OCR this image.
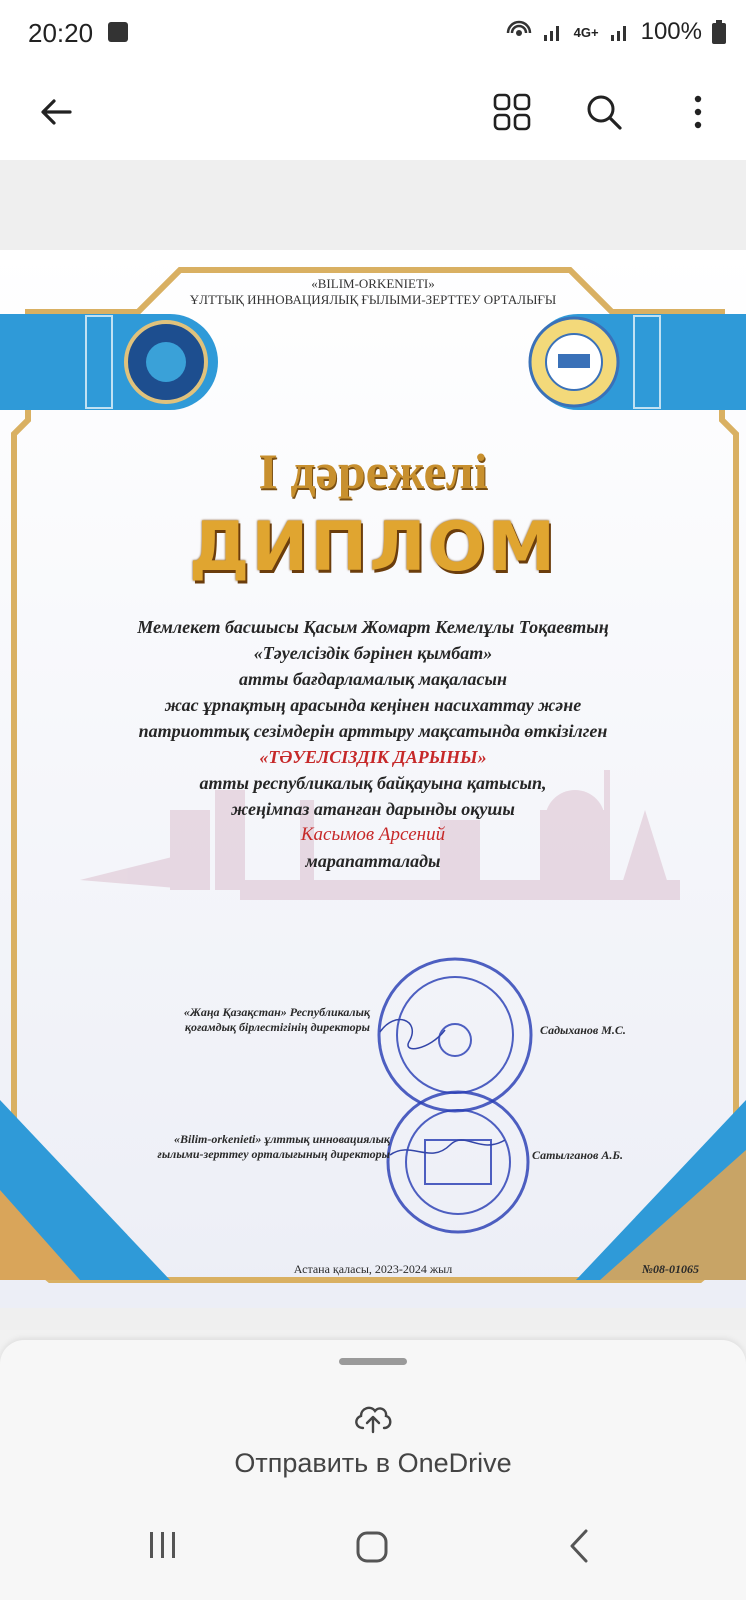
20:20	4G+ 100%
«BILIM-ORKENIETI»
ҰЛТТЫҚ ИННОВАЦИЯЛЫҚ ҒЫЛЫМИ-ЗЕРТТЕУ ОРТАЛЫҒЫ
I дәрежелі
ДИПЛОМ
Мемлекет басшысы Қасым Жомарт Кемелұлы Тоқаевтың
«Тәуелсіздік бәрінен қымбат»
атты бағдарламалық мақаласын
жас ұрпақтың арасында кеңінен насихаттау және
патриоттық сезімдерін арттыру мақсатында өткізілген
«ТӘУЕЛСІЗДІК ДАРЫНЫ»
атты республикалық байқауына қатысып,
жеңімпаз атанған дарынды оқушы
Касымов Арсений
марапатталады
«Жаңа Қазақстан» Республикалық
қоғамдық бірлестігінің директоры	Садыханов М.С.
«Bilim-orkenieti» ұлттық инновациялық
ғылыми-зерттеу орталығының директоры	Сатылганов А.Б.
Астана қаласы, 2023-2024 жыл	№08-01065
Отправить в OneDrive
